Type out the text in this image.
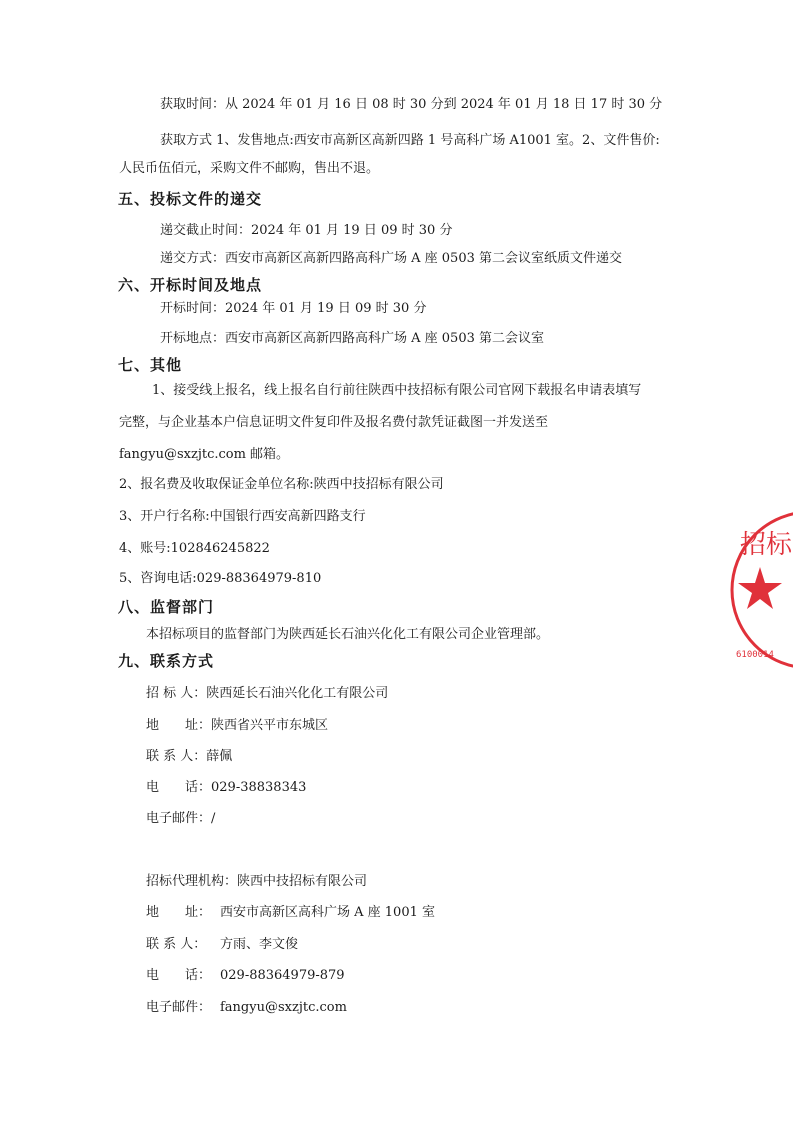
获取时间：从 2024 年 01 月 16 日 08 时 30 分到 2024 年 01 月 18 日 17 时 30 分
获取方式 1、发售地点:西安市高新区高新四路 1 号高科广场 A1001 室。2、文件售价:
人民币伍佰元，采购文件不邮购，售出不退。
五、投标文件的递交
递交截止时间：2024 年 01 月 19 日 09 时 30 分
递交方式：西安市高新区高新四路高科广场 A 座 0503 第二会议室纸质文件递交
六、开标时间及地点
开标时间：2024 年 01 月 19 日 09 时 30 分
开标地点：西安市高新区高新四路高科广场 A 座 0503 第二会议室
七、其他
1、接受线上报名，线上报名自行前往陕西中技招标有限公司官网下载报名申请表填写
完整，与企业基本户信息证明文件复印件及报名费付款凭证截图一并发送至
fangyu@sxzjtc.com 邮箱。
2、报名费及收取保证金单位名称:陕西中技招标有限公司
3、开户行名称:中国银行西安高新四路支行
4、账号:102846245822
5、咨询电话:029-88364979-810
八、监督部门
本招标项目的监督部门为陕西延长石油兴化化工有限公司企业管理部。
九、联系方式
招 标 人：陕西延长石油兴化化工有限公司
地　　址：陕西省兴平市东城区
联 系 人：薛佩
电　　话：029-38838343
电子邮件：/
招标代理机构：陕西中技招标有限公司
地　　址： 西安市高新区高科广场 A 座 1001 室
联 系 人： 方雨、李文俊
电　　话： 029-88364979-879
电子邮件： fangyu@sxzjtc.com
招标
6100014
